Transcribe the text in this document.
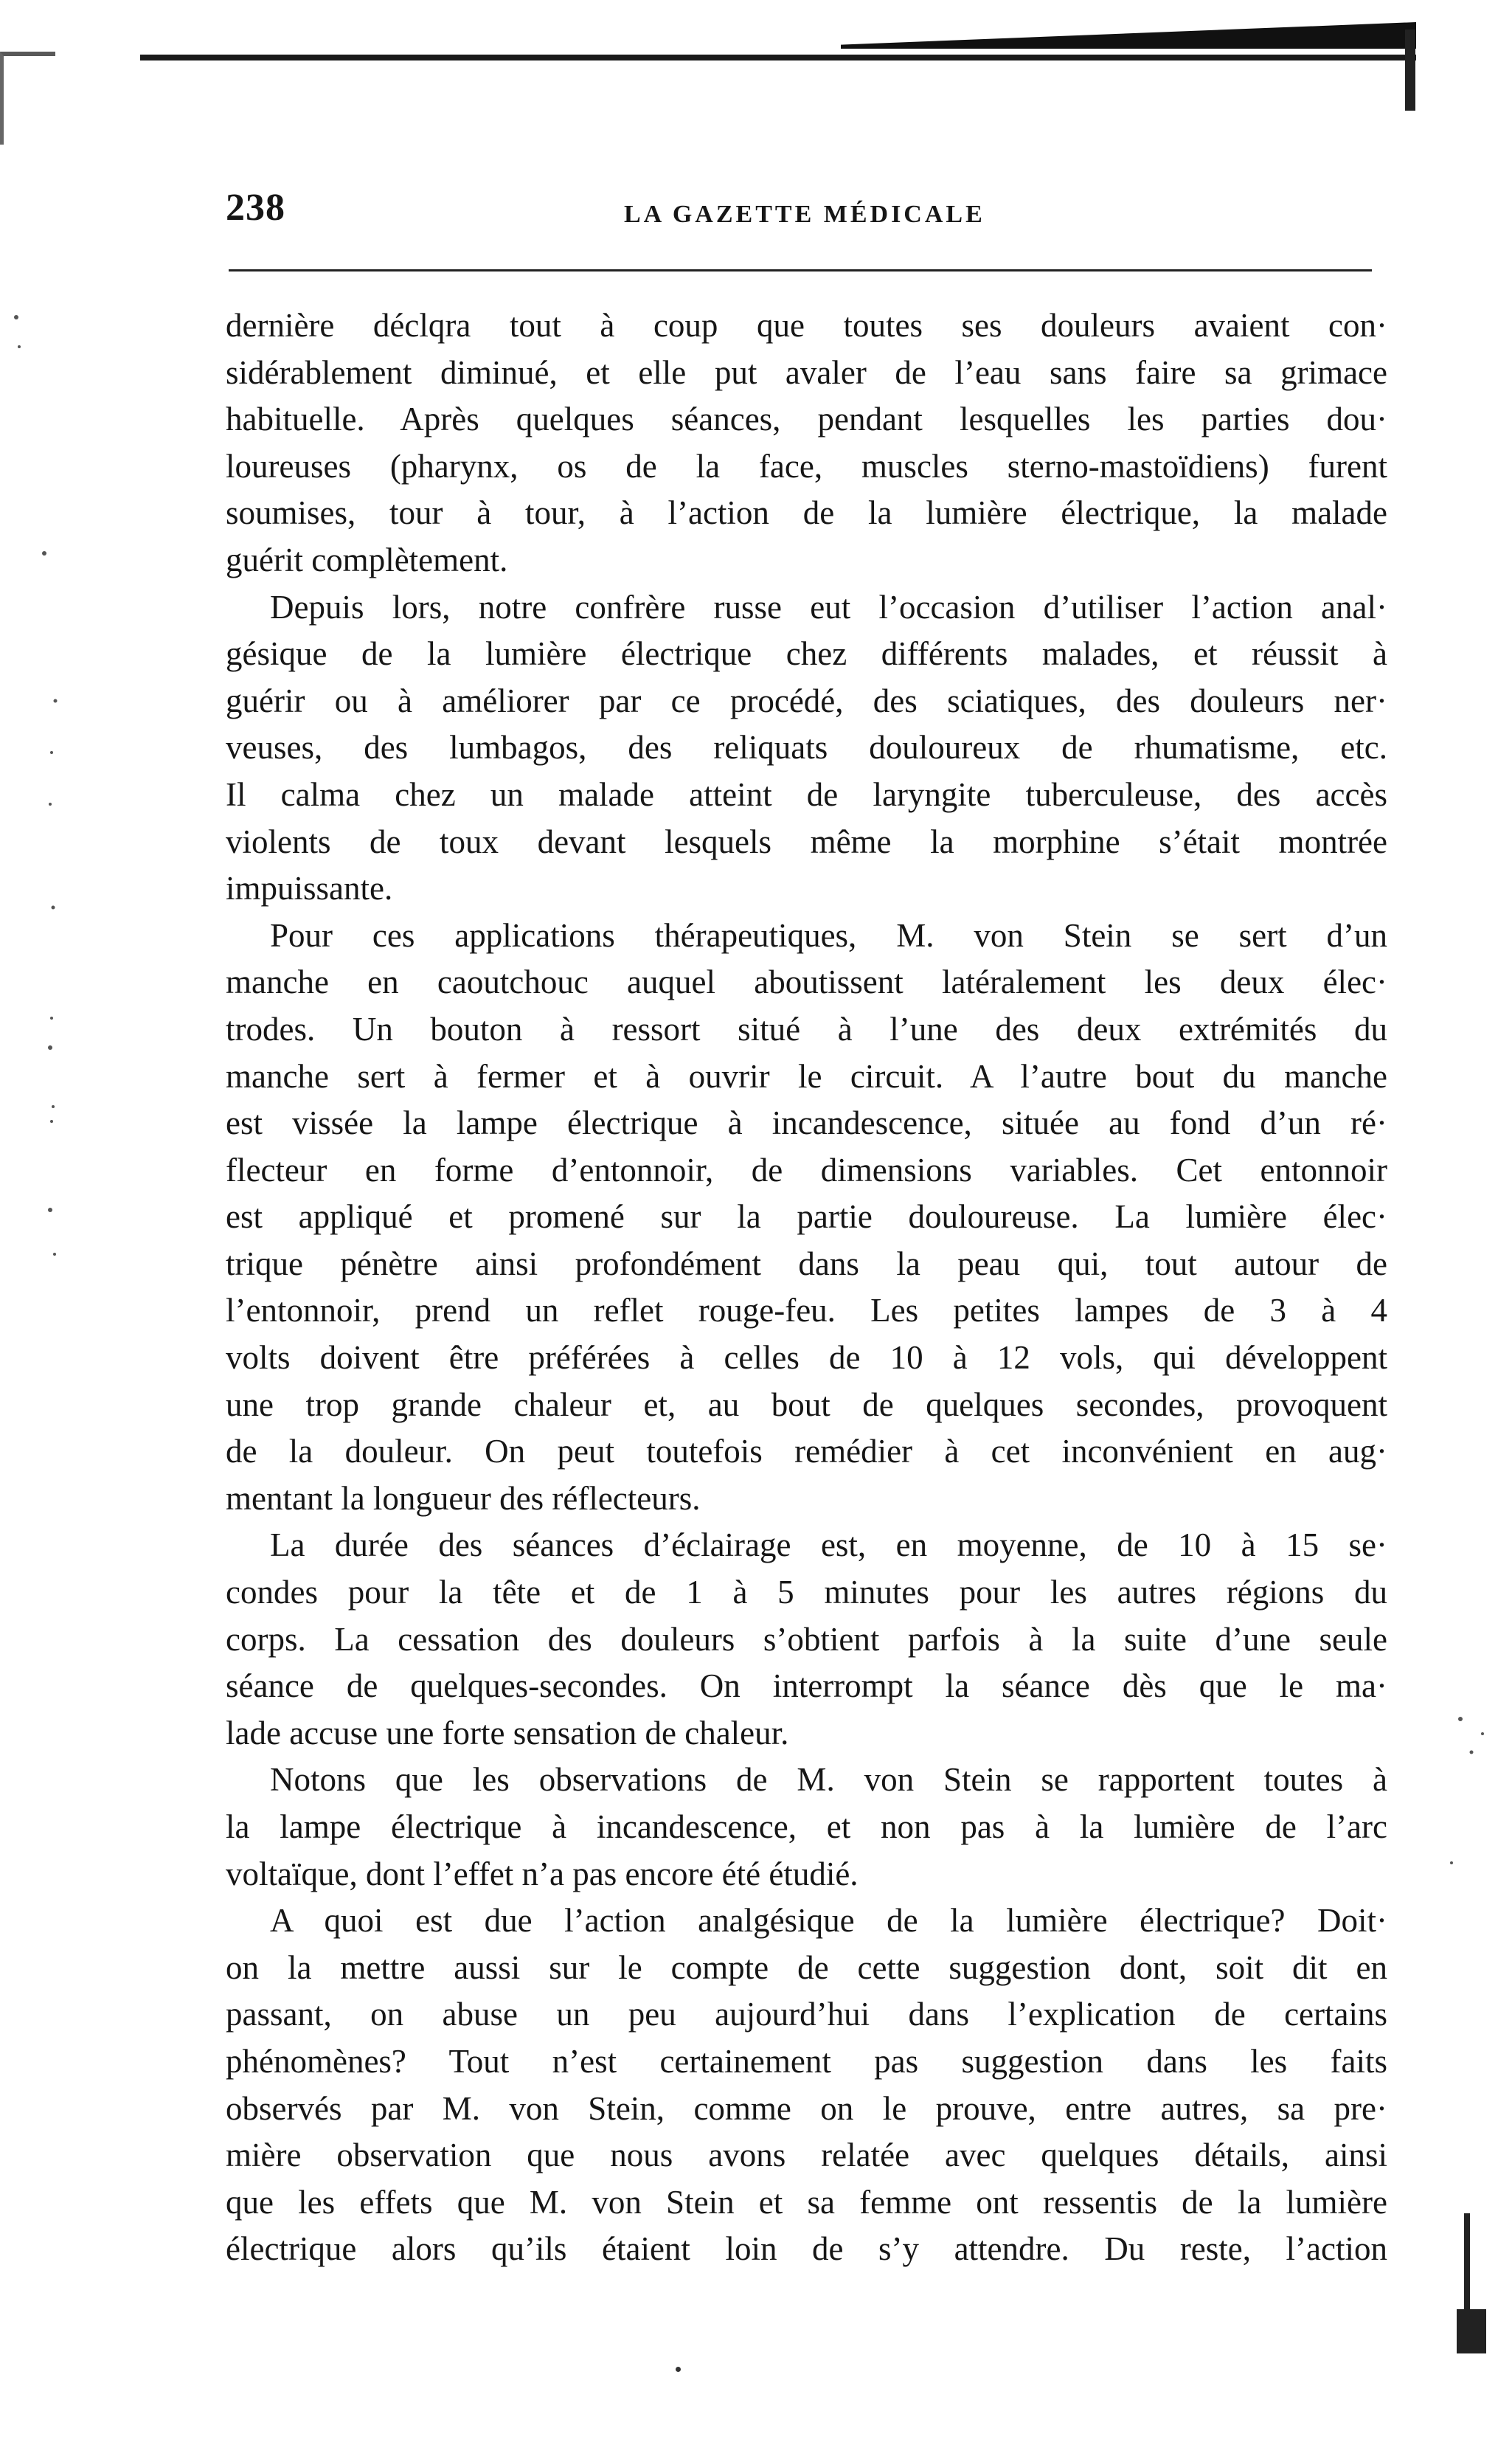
238	LA GAZETTE MÉDICALE
dernière déclqra tout à coup que toutes ses douleurs avaient con·
sidérablement diminué, et elle put avaler de l’eau sans faire sa grimace
habituelle. Après quelques séances, pendant lesquelles les parties dou·
loureuses (pharynx, os de la face, muscles sterno-mastoïdiens) furent
soumises, tour à tour, à l’action de la lumière électrique, la malade
guérit complètement.
Depuis lors, notre confrère russe eut l’occasion d’utiliser l’action anal·
gésique de la lumière électrique chez différents malades, et réussit à
guérir ou à améliorer par ce procédé, des sciatiques, des douleurs ner·
veuses, des lumbagos, des reliquats douloureux de rhumatisme, etc.
Il calma chez un malade atteint de laryngite tuberculeuse, des accès
violents de toux devant lesquels même la morphine s’était montrée
impuissante.
Pour ces applications thérapeutiques, M. von Stein se sert d’un
manche en caoutchouc auquel aboutissent latéralement les deux élec·
trodes. Un bouton à ressort situé à l’une des deux extrémités du
manche sert à fermer et à ouvrir le circuit. A l’autre bout du manche
est vissée la lampe électrique à incandescence, située au fond d’un ré·
flecteur en forme d’entonnoir, de dimensions variables. Cet entonnoir
est appliqué et promené sur la partie douloureuse. La lumière élec·
trique pénètre ainsi profondément dans la peau qui, tout autour de
l’entonnoir, prend un reflet rouge-feu. Les petites lampes de 3 à 4
volts doivent être préférées à celles de 10 à 12 vols, qui développent
une trop grande chaleur et, au bout de quelques secondes, provoquent
de la douleur. On peut toutefois remédier à cet inconvénient en aug·
mentant la longueur des réflecteurs.
La durée des séances d’éclairage est, en moyenne, de 10 à 15 se·
condes pour la tête et de 1 à 5 minutes pour les autres régions du
corps. La cessation des douleurs s’obtient parfois à la suite d’une seule
séance de quelques-secondes. On interrompt la séance dès que le ma·
lade accuse une forte sensation de chaleur.
Notons que les observations de M. von Stein se rapportent toutes à
la lampe électrique à incandescence, et non pas à la lumière de l’arc
voltaïque, dont l’effet n’a pas encore été étudié.
A quoi est due l’action analgésique de la lumière électrique? Doit·
on la mettre aussi sur le compte de cette suggestion dont, soit dit en
passant, on abuse un peu aujourd’hui dans l’explication de certains
phénomènes? Tout n’est certainement pas suggestion dans les faits
observés par M. von Stein, comme on le prouve, entre autres, sa pre·
mière observation que nous avons relatée avec quelques détails, ainsi
que les effets que M. von Stein et sa femme ont ressentis de la lumière
électrique alors qu’ils étaient loin de s’y attendre. Du reste, l’action
